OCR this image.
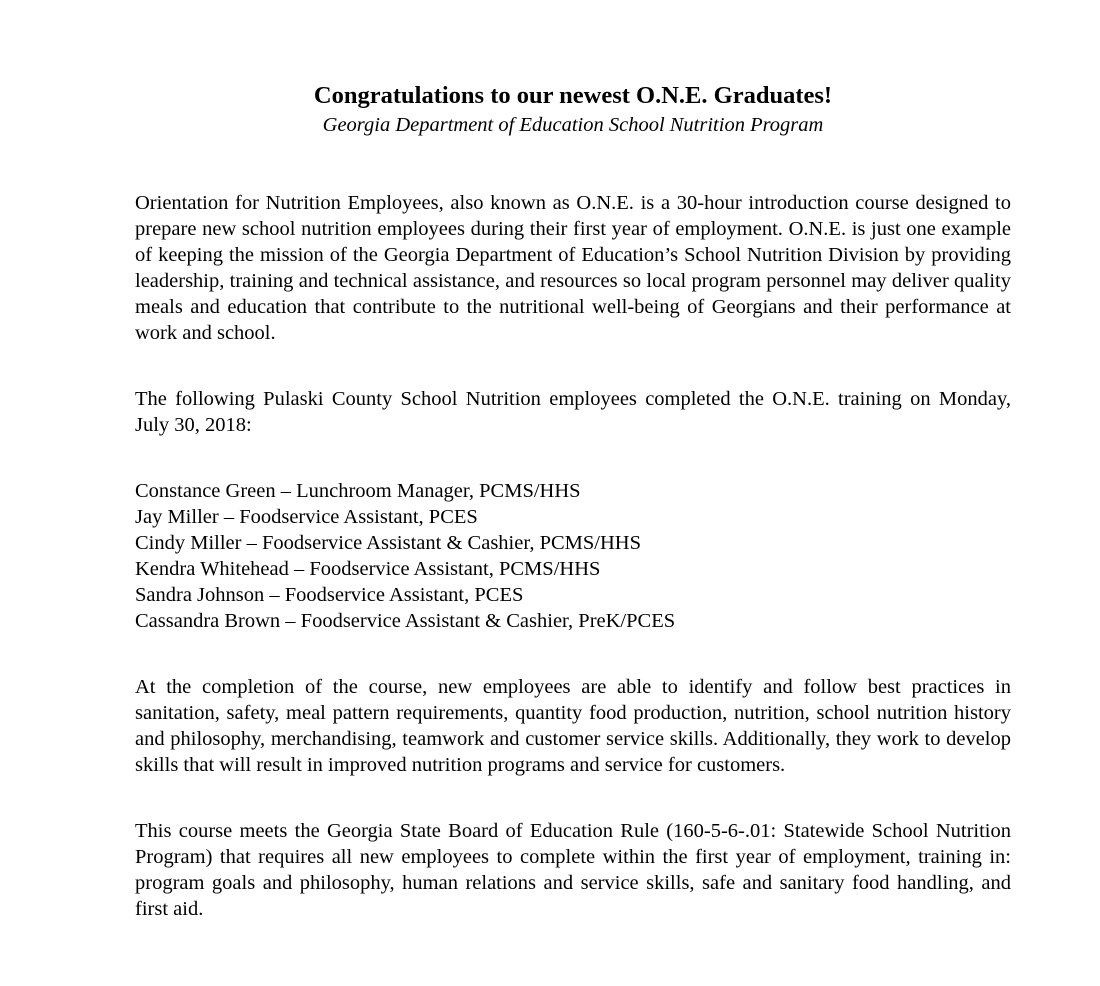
Congratulations to our newest O.N.E. Graduates!

Georgia Department of Education School Nutrition Program

Orientation for Nutrition Employees, also known as O.N.E. is a 30-hour introduction course designed to prepare new school nutrition employees during their first year of employment. O.N.E. is just one example of keeping the mission of the Georgia Department of Education’s School Nutrition Division by providing leadership, training and technical assistance, and resources so local program personnel may deliver quality meals and education that contribute to the nutritional well-being of Georgians and their performance at work and school.

The following Pulaski County School Nutrition employees completed the O.N.E. training on Monday, July 30, 2018:

Constance Green – Lunchroom Manager, PCMS/HHS
Jay Miller – Foodservice Assistant, PCES
Cindy Miller – Foodservice Assistant & Cashier, PCMS/HHS
Kendra Whitehead – Foodservice Assistant, PCMS/HHS
Sandra Johnson – Foodservice Assistant, PCES
Cassandra Brown – Foodservice Assistant & Cashier, PreK/PCES

At the completion of the course, new employees are able to identify and follow best practices in sanitation, safety, meal pattern requirements, quantity food production, nutrition, school nutrition history and philosophy, merchandising, teamwork and customer service skills. Additionally, they work to develop skills that will result in improved nutrition programs and service for customers.

This course meets the Georgia State Board of Education Rule (160-5-6-.01: Statewide School Nutrition Program) that requires all new employees to complete within the first year of employment, training in: program goals and philosophy, human relations and service skills, safe and sanitary food handling, and first aid.
